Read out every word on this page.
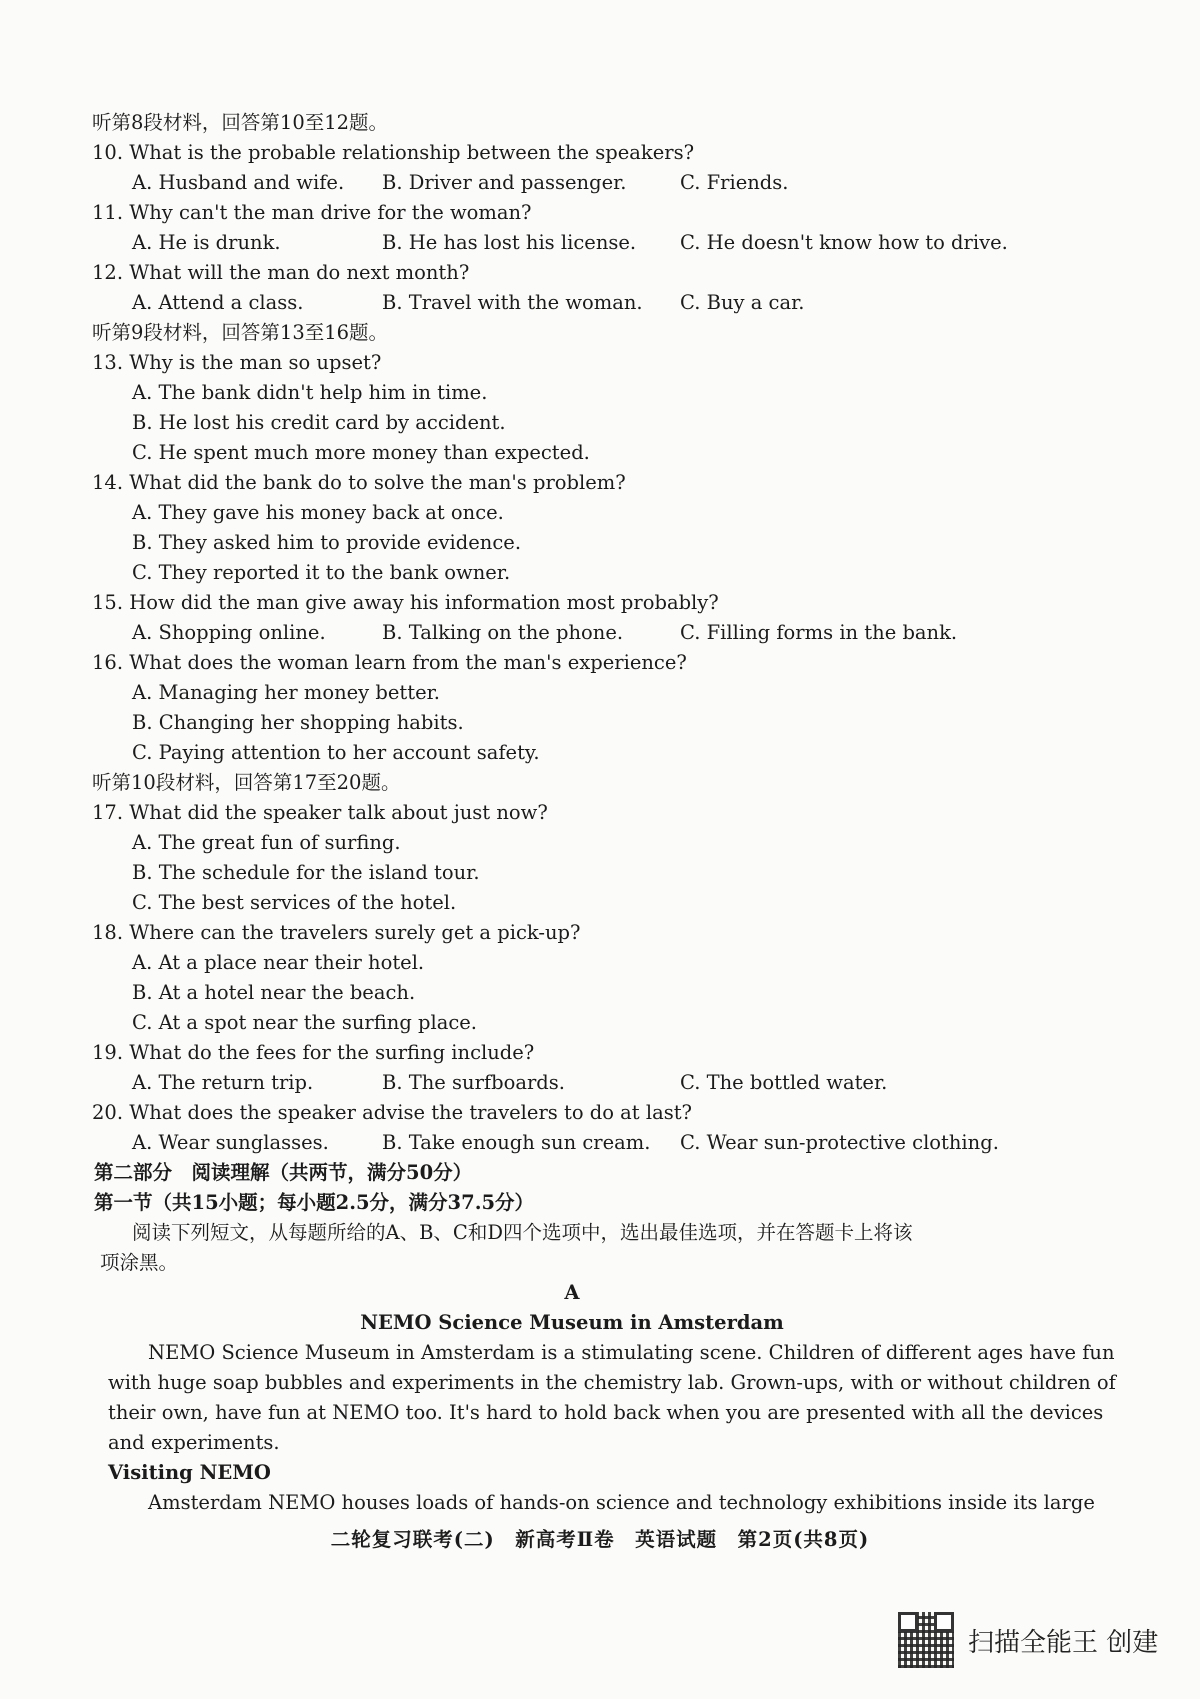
听第8段材料，回答第10至12题。
10. What is the probable relationship between the speakers?
A. Husband and wife. B. Driver and passenger.	C. Friends.
11. Why can't the man drive for the woman?
A. He is drunk.	B. He has lost his license. C. He doesn't know how to drive.
12. What will the man do next month?
A. Attend a class.	B. Travel with the woman. C. Buy a car.
听第9段材料，回答第13至16题。
13. Why is the man so upset?
A. The bank didn't help him in time.
B. He lost his credit card by accident.
C. He spent much more money than expected.
14. What did the bank do to solve the man's problem?
A. They gave his money back at once.
B. They asked him to provide evidence.
C. They reported it to the bank owner.
15. How did the man give away his information most probably?
A. Shopping online.	B. Talking on the phone.	C. Filling forms in the bank.
16. What does the woman learn from the man's experience?
A. Managing her money better.
B. Changing her shopping habits.
C. Paying attention to her account safety.
听第10段材料，回答第17至20题。
17. What did the speaker talk about just now?
A. The great fun of surfing.
B. The schedule for the island tour.
C. The best services of the hotel.
18. Where can the travelers surely get a pick-up?
A. At a place near their hotel.
B. At a hotel near the beach.
C. At a spot near the surfing place.
19. What do the fees for the surfing include?
A. The return trip.	B. The surfboards.	C. The bottled water.
20. What does the speaker advise the travelers to do at last?
A. Wear sunglasses.	B. Take enough sun cream. C. Wear sun-protective clothing.
第二部分　阅读理解（共两节，满分50分）
第一节（共15小题；每小题2.5分，满分37.5分）
阅读下列短文，从每题所给的A、B、C和D四个选项中，选出最佳选项，并在答题卡上将该
项涂黑。
A
NEMO Science Museum in Amsterdam
NEMO Science Museum in Amsterdam is a stimulating scene. Children of different ages have fun
with huge soap bubbles and experiments in the chemistry lab. Grown-ups, with or without children of
their own, have fun at NEMO too. It's hard to hold back when you are presented with all the devices
and experiments.
Visiting NEMO
Amsterdam NEMO houses loads of hands-on science and technology exhibitions inside its large
二轮复习联考(二)　新高考Ⅱ卷　英语试题　第2页(共8页)
扫描全能王 创建
